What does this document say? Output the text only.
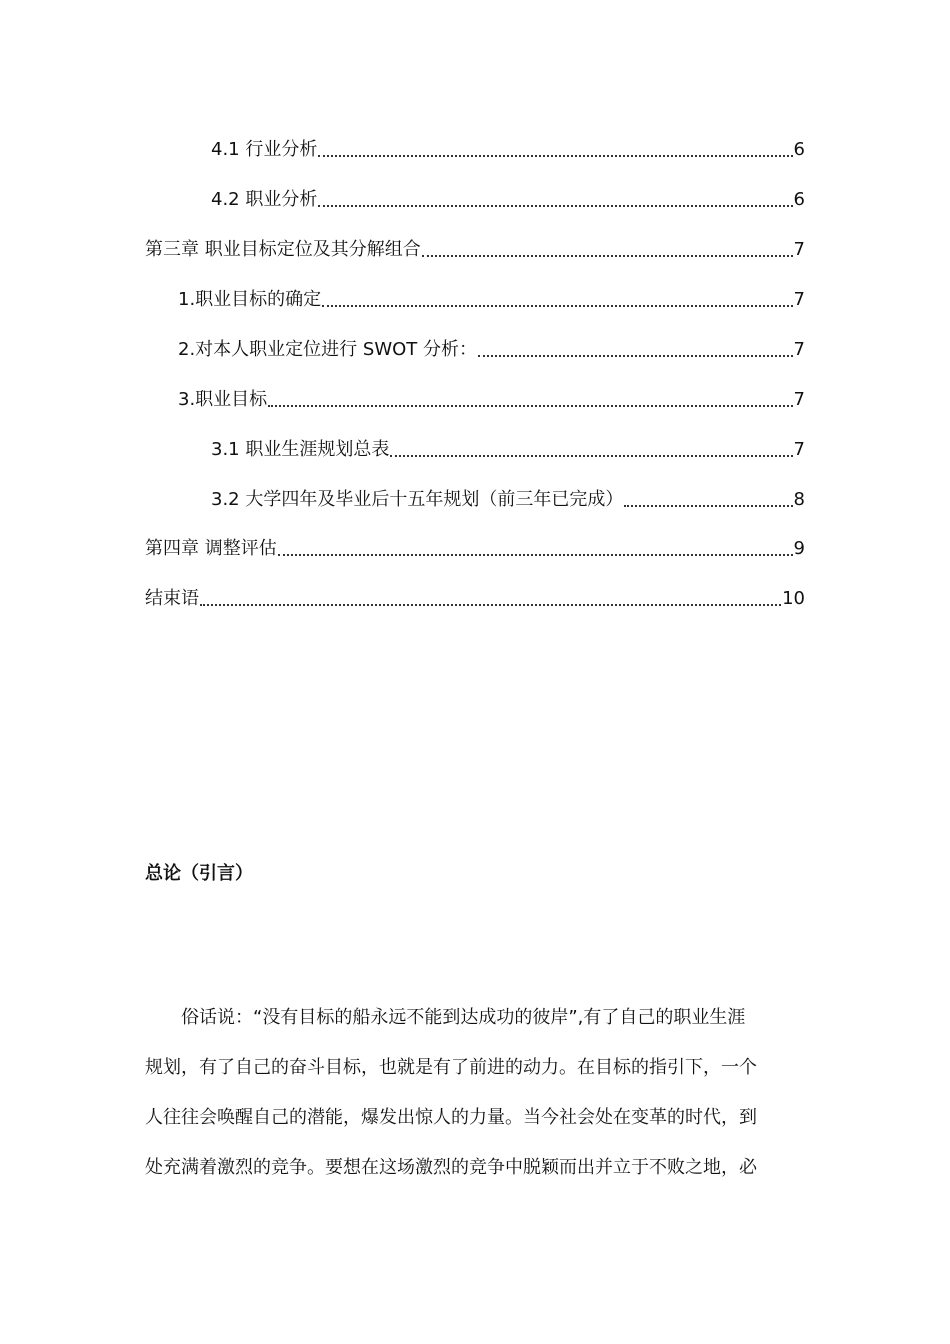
4.1 行业分析	6
4.2 职业分析	6
第三章 职业目标定位及其分解组合	7
1.职业目标的确定	7
2.对本人职业定位进行 SWOT 分析：	7
3.职业目标	7
3.1 职业生涯规划总表	7
3.2 大学四年及毕业后十五年规划（前三年已完成）	8
第四章 调整评估	9
结束语	10
总论（引言）
俗话说：“没有目标的船永远不能到达成功的彼岸”,有了自己的职业生涯
规划，有了自己的奋斗目标，也就是有了前进的动力。在目标的指引下，一个
人往往会唤醒自己的潜能，爆发出惊人的力量。当今社会处在变革的时代，到
处充满着激烈的竞争。要想在这场激烈的竞争中脱颖而出并立于不败之地，必
